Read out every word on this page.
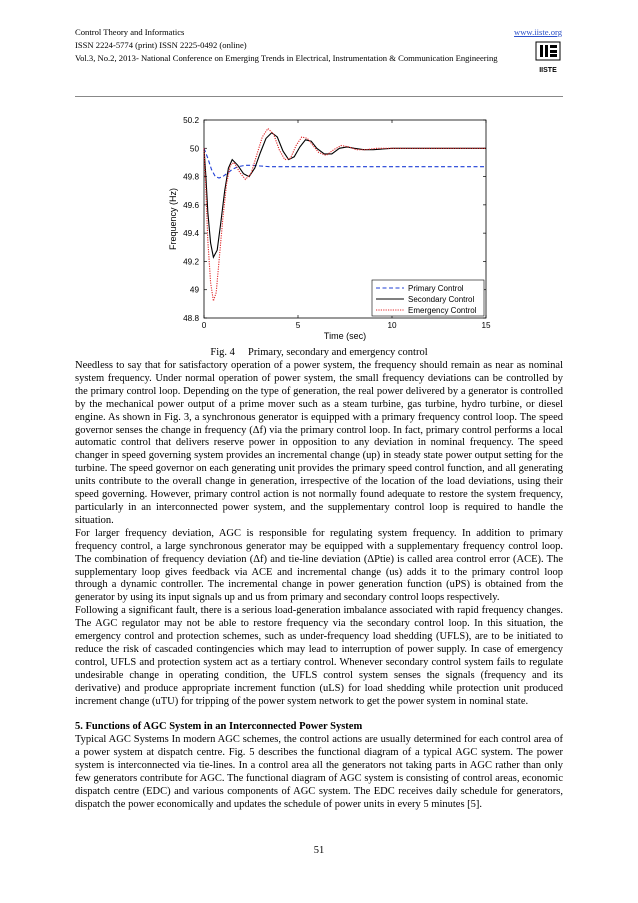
Control Theory and Informatics
ISSN 2224-5774 (print) ISSN 2225-0492 (online)
Vol.3, No.2, 2013- National Conference on Emerging Trends in Electrical, Instrumentation & Communication Engineering
www.iiste.org
IISTE
0	5	10	15
48.8
49
49.2
49.4
49.6
49.8
50
50.2
Time (sec)
Frequency (Hz)
Primary Control
Secondary Control
Emergency Control
Fig. 4     Primary, secondary and emergency control

Needless to say that for satisfactory operation of a power system, the frequency should remain as near as nominal system frequency. Under normal operation of power system, the small frequency deviations can be controlled by the primary control loop. Depending on the type of generation, the real power delivered by a generator is controlled by the mechanical power output of a prime mover such as a steam turbine, gas turbine, hydro turbine, or diesel engine. As shown in Fig. 3, a synchronous generator is equipped with a primary frequency control loop. The speed governor senses the change in frequency (Δf) via the primary control loop. In fact, primary control performs a local automatic control that delivers reserve power in opposition to any deviation in nominal frequency. The speed changer in speed governing system provides an incremental change (up) in steady state power output setting for the turbine. The speed governor on each generating unit provides the primary speed control function, and all generating units contribute to the overall change in generation, irrespective of the location of the load deviations, using their speed governing. However, primary control action is not normally found adequate to restore the system frequency, particularly in an interconnected power system, and the supplementary control loop is required to handle the situation.

For larger frequency deviation, AGC is responsible for regulating system frequency. In addition to primary frequency control, a large synchronous generator may be equipped with a supplementary frequency control loop. The combination of frequency deviation (Δf) and tie-line deviation (ΔPtie) is called area control error (ACE). The supplementary loop gives feedback via ACE and incremental change (us) adds it to the primary control loop through a dynamic controller. The incremental change in power generation function (uPS) is obtained from the generator by using its input signals up and us from primary and secondary control loops respectively.

Following a significant fault, there is a serious load-generation imbalance associated with rapid frequency changes. The AGC regulator may not be able to restore frequency via the secondary control loop. In this situation, the emergency control and protection schemes, such as under-frequency load shedding (UFLS), are to be initiated to reduce the risk of cascaded contingencies which may lead to interruption of power supply. In case of emergency control, UFLS and protection system act as a tertiary control. Whenever secondary control system fails to regulate undesirable change in operating condition, the UFLS control system senses the signals (frequency and its derivative) and produce appropriate increment function (uLS) for load shedding while protection unit produced increment change (uTU) for tripping of the power system network to get the power system in nominal state.

5. Functions of AGC System in an Interconnected Power System

Typical AGC Systems In modern AGC schemes, the control actions are usually determined for each control area of a power system at dispatch centre. Fig. 5 describes the functional diagram of a typical AGC system. The power system is interconnected via tie-lines. In a control area all the generators not taking parts in AGC rather than only few generators contribute for AGC. The functional diagram of AGC system is consisting of control areas, economic dispatch centre (EDC) and various components of AGC system. The EDC receives daily schedule for generators, dispatch the power economically and updates the schedule of power units in every 5 minutes [5].

51
